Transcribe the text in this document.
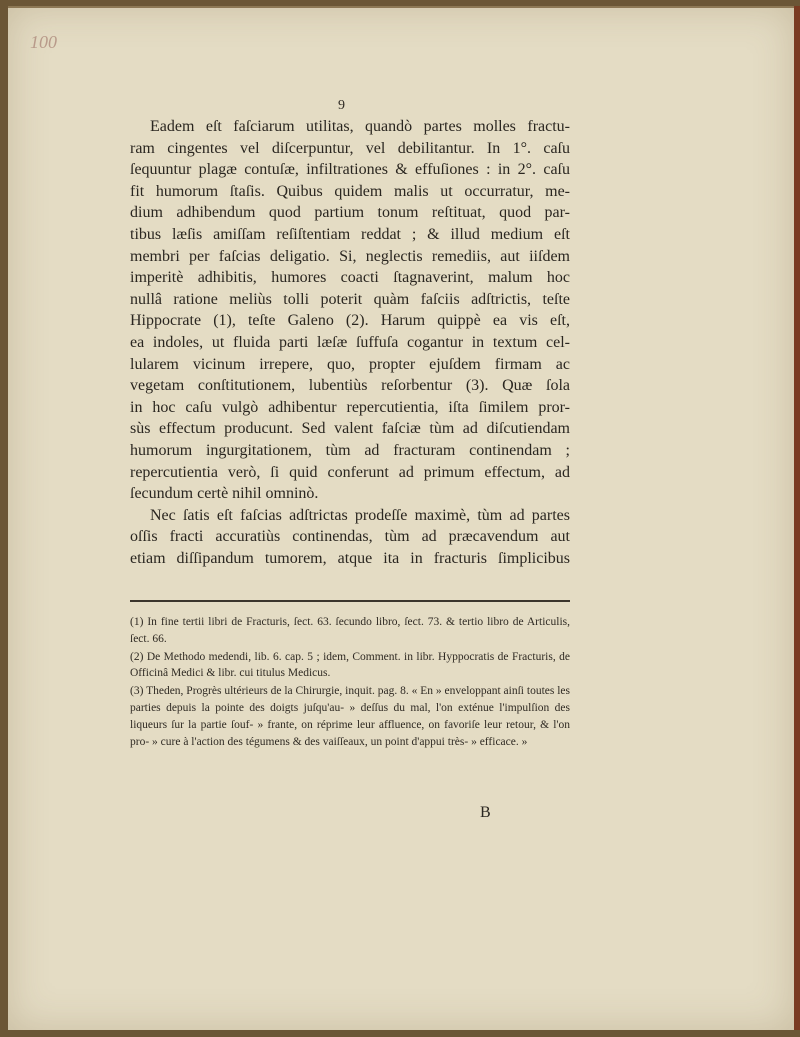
100
9

Eadem eſt faſciarum utilitas, quandò partes molles fractu-

ram cingentes vel diſcerpuntur, vel debilitantur. In 1°. caſu

ſequuntur plagæ contuſæ, infiltrationes & effuſiones : in 2°. caſu

fit humorum ſtaſis. Quibus quidem malis ut occurratur, me-

dium adhibendum quod partium tonum reſtituat, quod par-

tibus læſis amiſſam reſiſtentiam reddat ; & illud medium eſt

membri per faſcias deligatio. Si, neglectis remediis, aut iiſdem

imperitè adhibitis, humores coacti ſtagnaverint, malum hoc

nullâ ratione meliùs tolli poterit quàm faſciis adſtrictis, teſte

Hippocrate (1), teſte Galeno (2). Harum quippè ea vis eſt,

ea indoles, ut fluida parti læſæ ſuffuſa cogantur in textum cel-

lularem vicinum irrepere, quo, propter ejuſdem firmam ac

vegetam conſtitutionem, lubentiùs reſorbentur (3). Quæ ſola

in hoc caſu vulgò adhibentur repercutientia, iſta ſimilem pror-

sùs effectum producunt. Sed valent faſciæ tùm ad diſcutiendam

humorum ingurgitationem, tùm ad fracturam continendam ;

repercutientia verò, ſi quid conferunt ad primum effectum, ad

ſecundum certè nihil omninò.

Nec ſatis eſt faſcias adſtrictas prodeſſe maximè, tùm ad partes

oſſis fracti accuratiùs continendas, tùm ad præcavendum aut

etiam diſſipandum tumorem, atque ita in fracturis ſimplicibus

(1) In fine tertii libri de Fracturis, ſect. 63. ſecundo libro, ſect. 73. & tertio libro de Articulis, ſect. 66.

(2) De Methodo medendi, lib. 6. cap. 5 ; idem, Comment. in libr. Hyppocratis de Fracturis, de Officinâ Medici & libr. cui titulus Medicus.

(3) Theden, Progrès ultérieurs de la Chirurgie, inquit. pag. 8. « En » enveloppant ainſi toutes les parties depuis la pointe des doigts juſqu'au- » deſſus du mal, l'on exténue l'impulſion des liqueurs ſur la partie ſouf- » frante, on réprime leur affluence, on favoriſe leur retour, & l'on pro- » cure à l'action des tégumens & des vaiſſeaux, un point d'appui très- » efficace. »

B
